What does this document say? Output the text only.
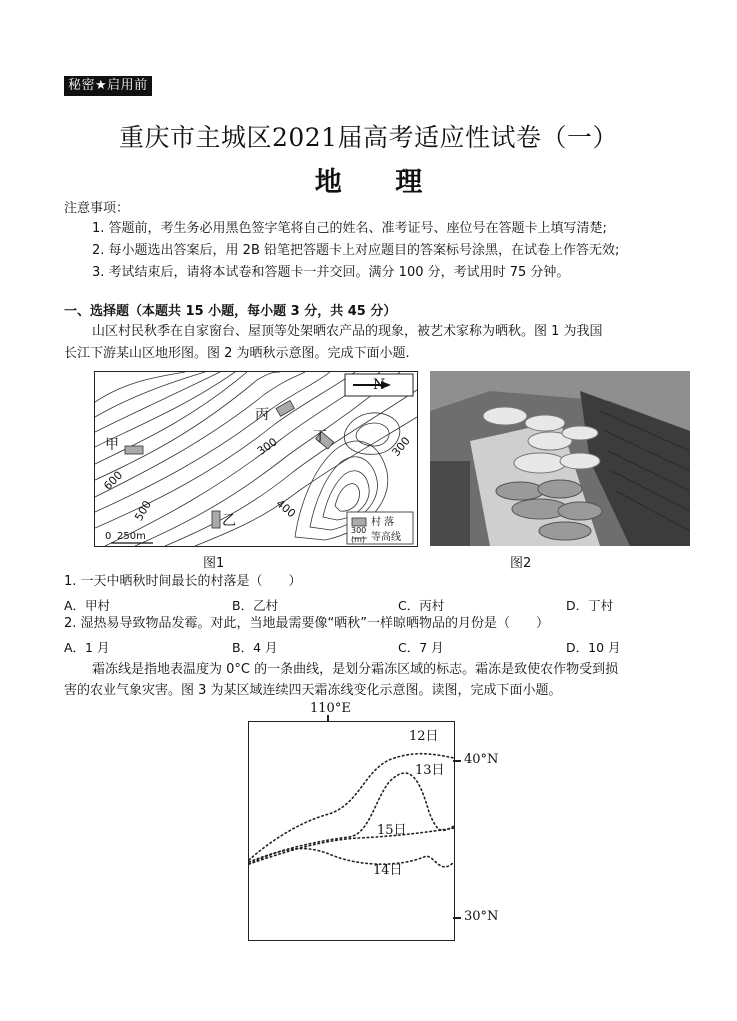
秘密★启用前
重庆市主城区2021届高考适应性试卷（一）
地 理
注意事项：
1. 答题前，考生务必用黑色签字笔将自己的姓名、准考证号、座位号在答题卡上填写清楚;
2. 每小题选出答案后，用 2B 铅笔把答题卡上对应题目的答案标号涂黑，在试卷上作答无效;
3. 考试结束后，请将本试卷和答题卡一并交回。满分 100 分，考试用时 75 分钟。
一、选择题（本题共 15 小题，每小题 3 分，共 45 分）
山区村民秋季在自家窗台、屋顶等处架晒农产品的现象，被艺术家称为晒秋。图 1 为我国
长江下游某山区地形图。图 2 为晒秋示意图。完成下面小题.
N
甲
乙
丙
丁
300	300
600
500	400
0 250m
村 落
300
(m) 等高线
图1	图2
1. 一天中晒秋时间最长的村落是（　　）
A．甲村	B．乙村	C．丙村	D．丁村
2. 湿热易导致物品发霉。对此，当地最需要像“晒秋”一样晾晒物品的月份是（　　）
A．1 月	B．4 月	C．7 月	D．10 月
霜冻线是指地表温度为 0°C 的一条曲线，是划分霜冻区域的标志。霜冻是致使农作物受到损
害的农业气象灾害。图 3 为某区域连续四天霜冻线变化示意图。读图，完成下面小题。
12日
13日
15日
14日
110°E
40°N
30°N
